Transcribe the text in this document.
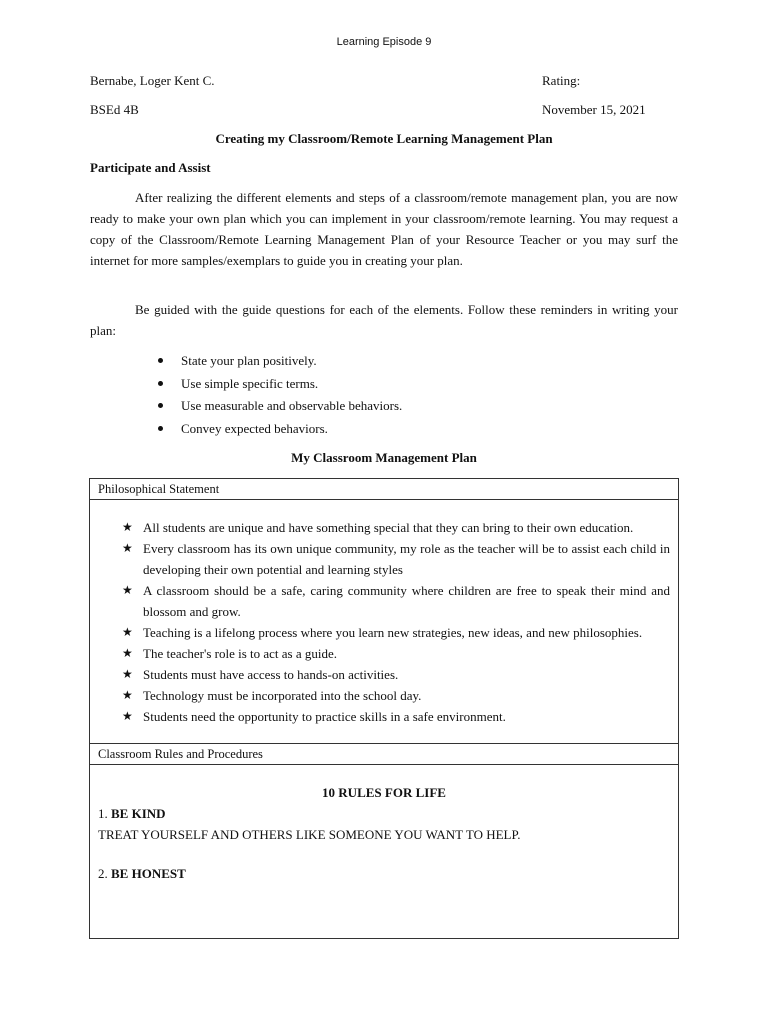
Learning Episode 9
Bernabe, Loger Kent C.	Rating:
BSEd 4B	November 15, 2021
Creating my Classroom/Remote Learning Management Plan
Participate and Assist

After realizing the different elements and steps of a classroom/remote management plan, you are now ready to make your own plan which you can implement in your classroom/remote learning. You may request a copy of the Classroom/Remote Learning Management Plan of your Resource Teacher or you may surf the internet for more samples/exemplars to guide you in creating your plan.

Be guided with the guide questions for each of the elements. Follow these reminders in writing your plan:

State your plan positively.
Use simple specific terms.
Use measurable and observable behaviors.
Convey expected behaviors.
My Classroom Management Plan
Philosophical Statement
★ All students are unique and have something special that they can bring to their own education.
★ Every classroom has its own unique community, my role as the teacher will be to assist each child in developing their own potential and learning styles
★ A classroom should be a safe, caring community where children are free to speak their mind and blossom and grow.
★ Teaching is a lifelong process where you learn new strategies, new ideas, and new philosophies.
★ The teacher's role is to act as a guide.
★ Students must have access to hands-on activities.
★ Technology must be incorporated into the school day.
★ Students need the opportunity to practice skills in a safe environment.
Classroom Rules and Procedures
10 RULES FOR LIFE
1. BE KIND
TREAT YOURSELF AND OTHERS LIKE SOMEONE YOU WANT TO HELP.
2. BE HONEST
